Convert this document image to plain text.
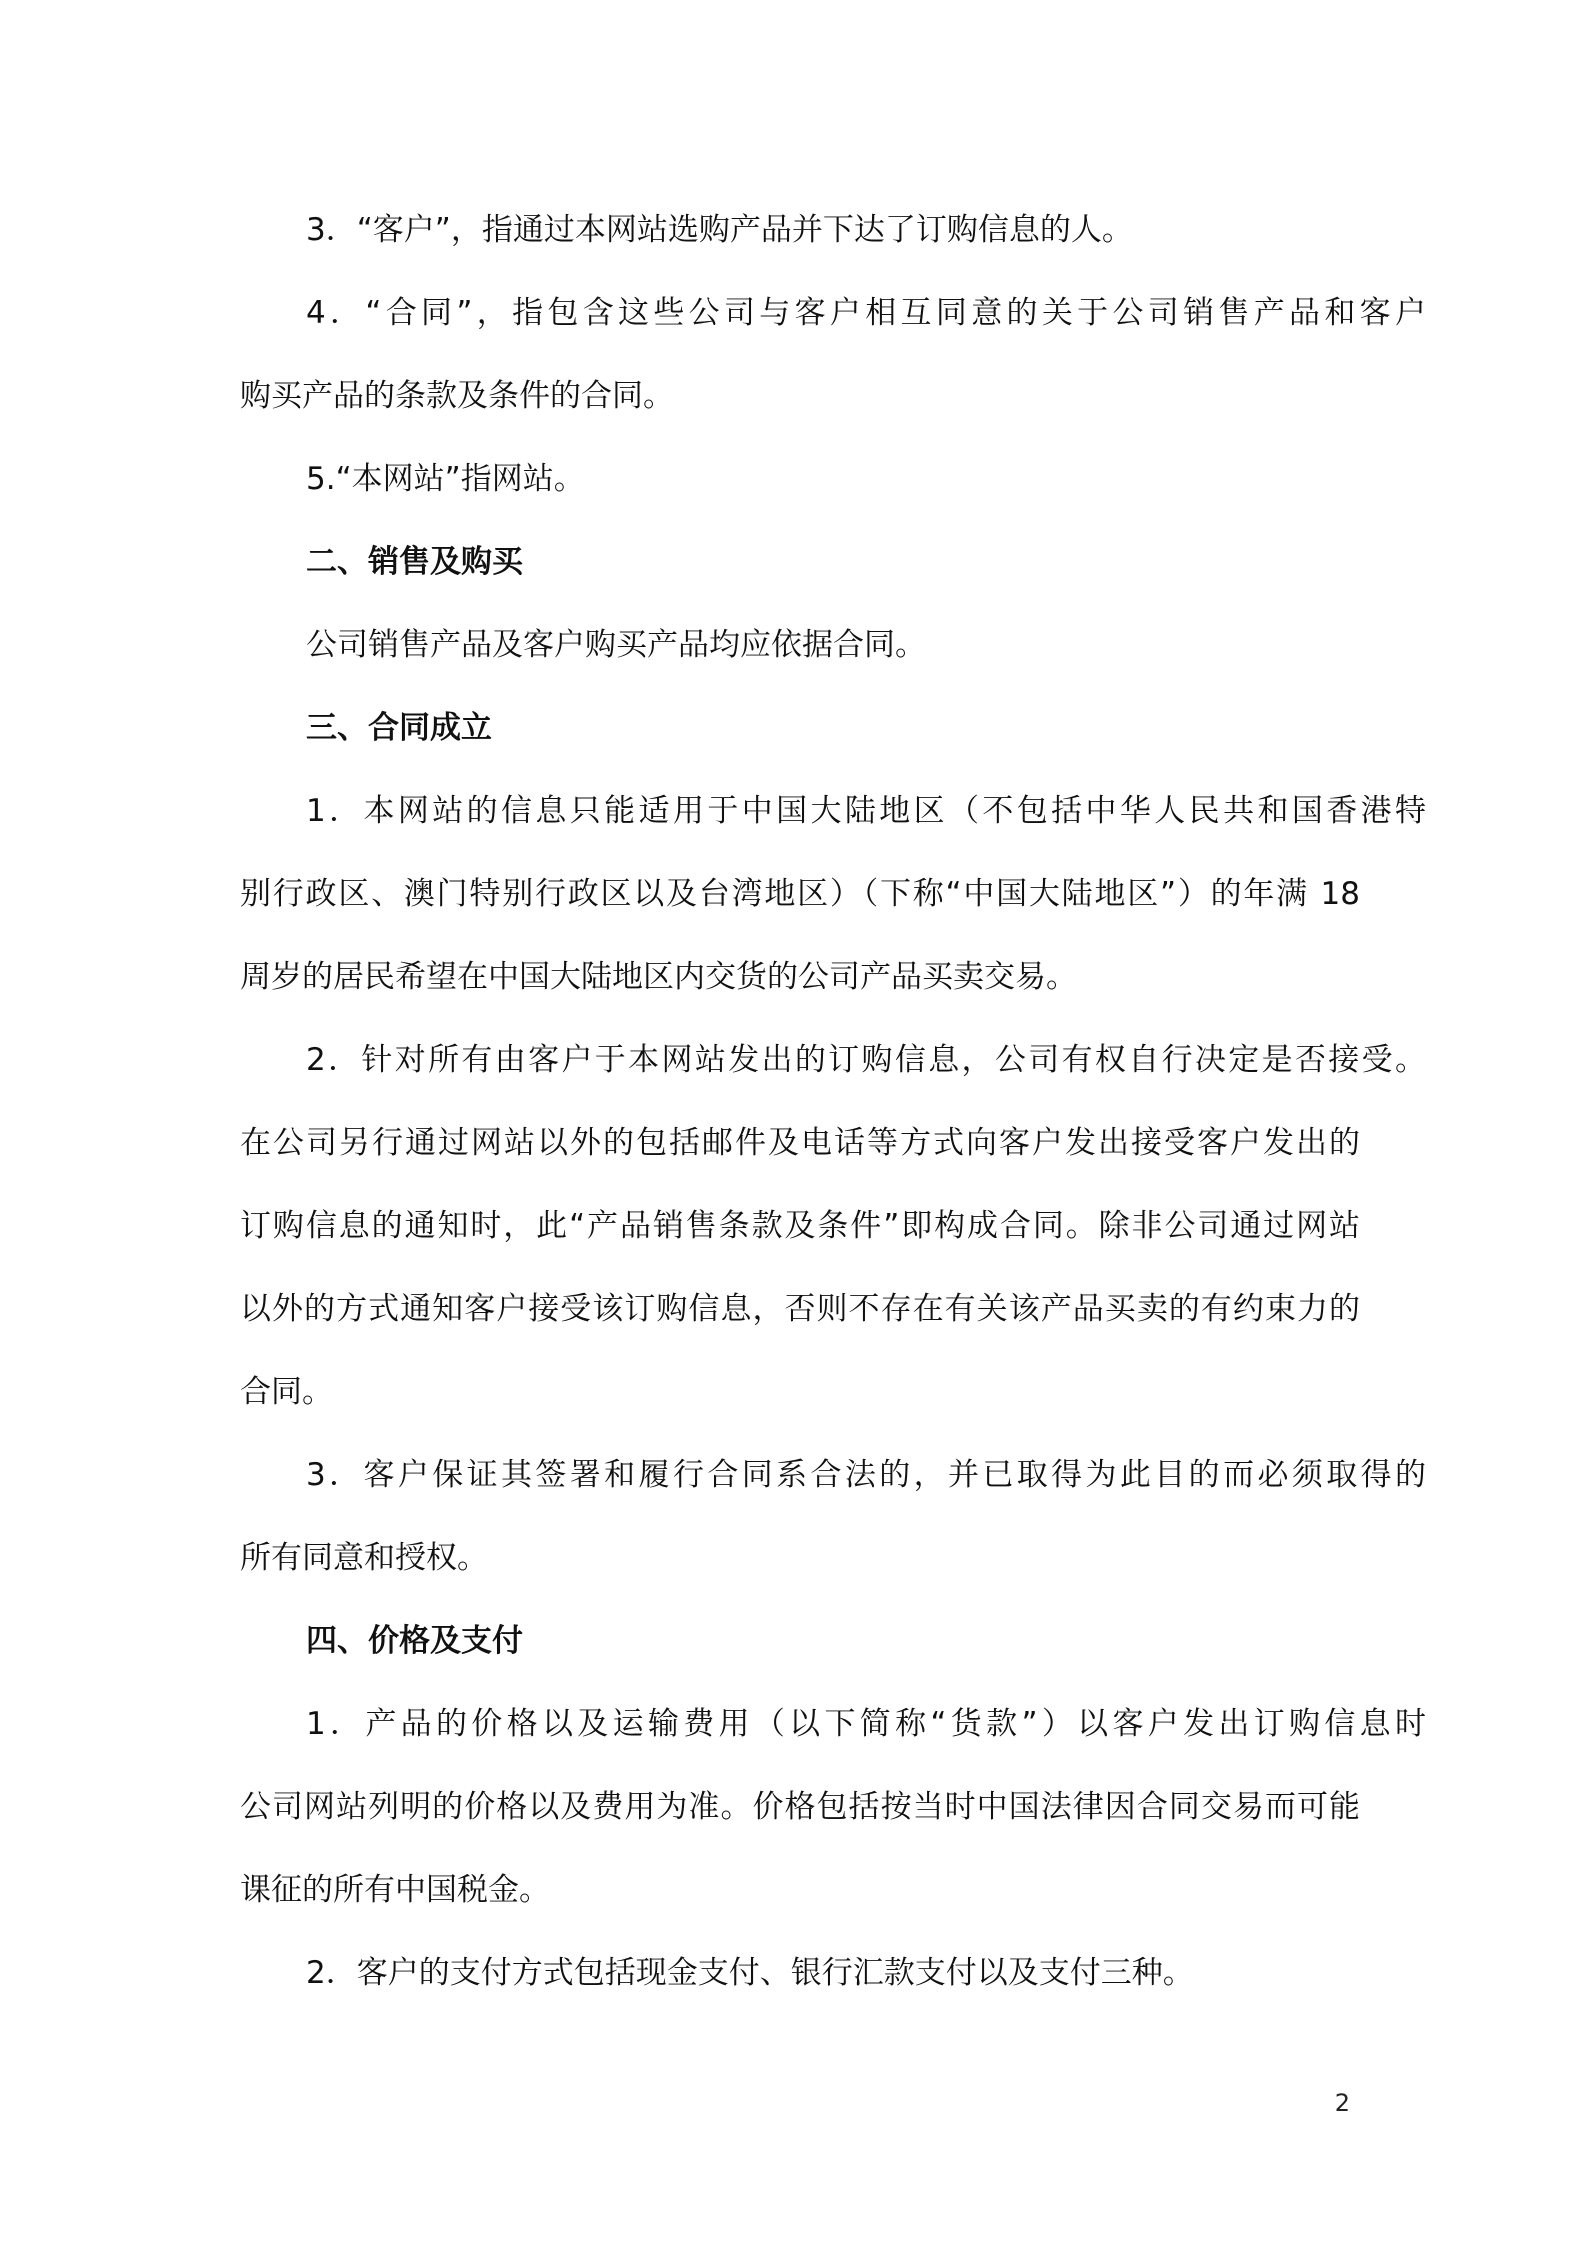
3．“客户”，指通过本网站选购产品并下达了订购信息的人。
4．“合同”，指包含这些公司与客户相互同意的关于公司销售产品和客户
购买产品的条款及条件的合同。
5.“本网站”指网站。
二、销售及购买
公司销售产品及客户购买产品均应依据合同。
三、合同成立
1．本网站的信息只能适用于中国大陆地区（不包括中华人民共和国香港特
别行政区、澳门特别行政区以及台湾地区）（下称“中国大陆地区”）的年满 18
周岁的居民希望在中国大陆地区内交货的公司产品买卖交易。
2．针对所有由客户于本网站发出的订购信息，公司有权自行决定是否接受。
在公司另行通过网站以外的包括邮件及电话等方式向客户发出接受客户发出的
订购信息的通知时，此“产品销售条款及条件”即构成合同。除非公司通过网站
以外的方式通知客户接受该订购信息，否则不存在有关该产品买卖的有约束力的
合同。
3．客户保证其签署和履行合同系合法的，并已取得为此目的而必须取得的
所有同意和授权。
四、价格及支付
1．产品的价格以及运输费用（以下简称“货款”）以客户发出订购信息时
公司网站列明的价格以及费用为准。价格包括按当时中国法律因合同交易而可能
课征的所有中国税金。
2．客户的支付方式包括现金支付、银行汇款支付以及支付三种。
2
